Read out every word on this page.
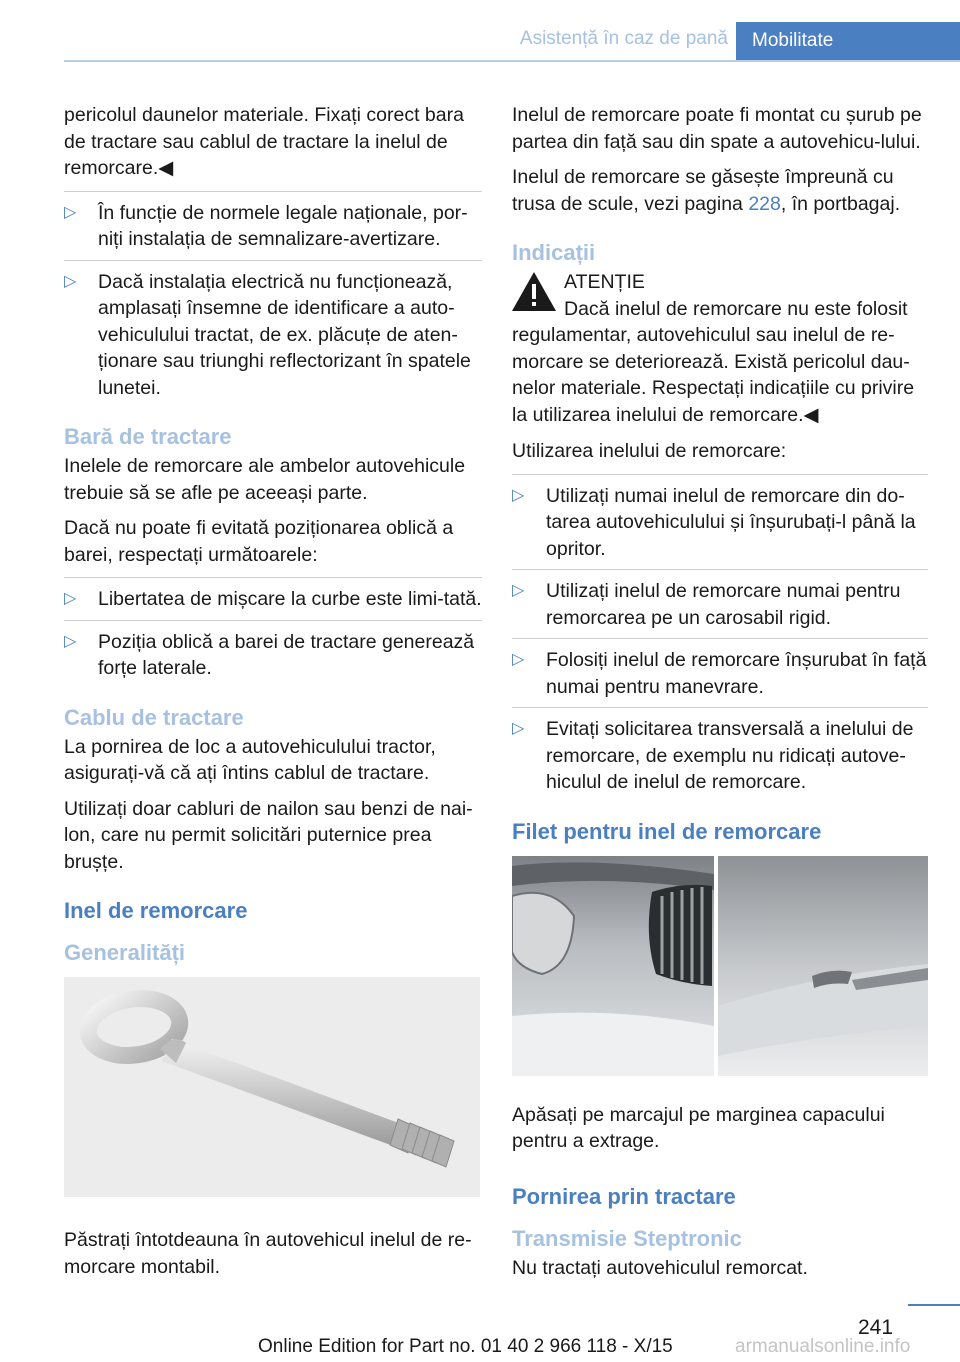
Asistență în caz de pană	Mobilitate

pericolul daunelor materiale. Fixați corect bara de tractare sau cablul de tractare la inelul de remorcare.◀

▷ În funcție de normele legale naționale, por-niți instalația de semnalizare-avertizare.
▷ Dacă instalația electrică nu funcționează, amplasați însemne de identificare a auto-vehiculului tractat, de ex. plăcuțe de aten-ționare sau triunghi reflectorizant în spatele lunetei.
Bară de tractare

Inelele de remorcare ale ambelor autovehicule trebuie să se afle pe aceeași parte.

Dacă nu poate fi evitată poziționarea oblică a barei, respectați următoarele:

▷ Libertatea de mișcare la curbe este limi-tată.
▷ Poziția oblică a barei de tractare generează forțe laterale.
Cablu de tractare

La pornirea de loc a autovehiculului tractor, asigurați-vă că ați întins cablul de tractare.

Utilizați doar cabluri de nailon sau benzi de nai-lon, care nu permit solicitări puternice prea brușțe.

Inel de remorcare
Generalități

Păstrați întotdeauna în autovehicul inelul de re-morcare montabil.

Inelul de remorcare poate fi montat cu șurub pe partea din față sau din spate a autovehicu-lului.

Inelul de remorcare se găsește împreună cu trusa de scule, vezi pagina 228, în portbagaj.

Indicații
ATENȚIE
Dacă inelul de remorcare nu este folosit
regulamentar, autovehiculul sau inelul de re-morcare se deteriorează. Există pericolul dau-nelor materiale. Respectați indicațiile cu privire la utilizarea inelului de remorcare.◀

Utilizarea inelului de remorcare:

▷ Utilizați numai inelul de remorcare din do-tarea autovehiculului și înșurubați-l până la opritor.
▷ Utilizați inelul de remorcare numai pentru remorcarea pe un carosabil rigid.
▷ Folosiți inelul de remorcare înșurubat în față numai pentru manevrare.
▷ Evitați solicitarea transversală a inelului de remorcare, de exemplu nu ridicați autove-hiculul de inelul de remorcare.
Filet pentru inel de remorcare

Apăsați pe marcajul pe marginea capacului pentru a extrage.

Pornirea prin tractare
Transmisie Steptronic

Nu tractați autovehiculul remorcat.

241
Online Edition for Part no. 01 40 2 966 118 - X/15	armanualsonline.info
